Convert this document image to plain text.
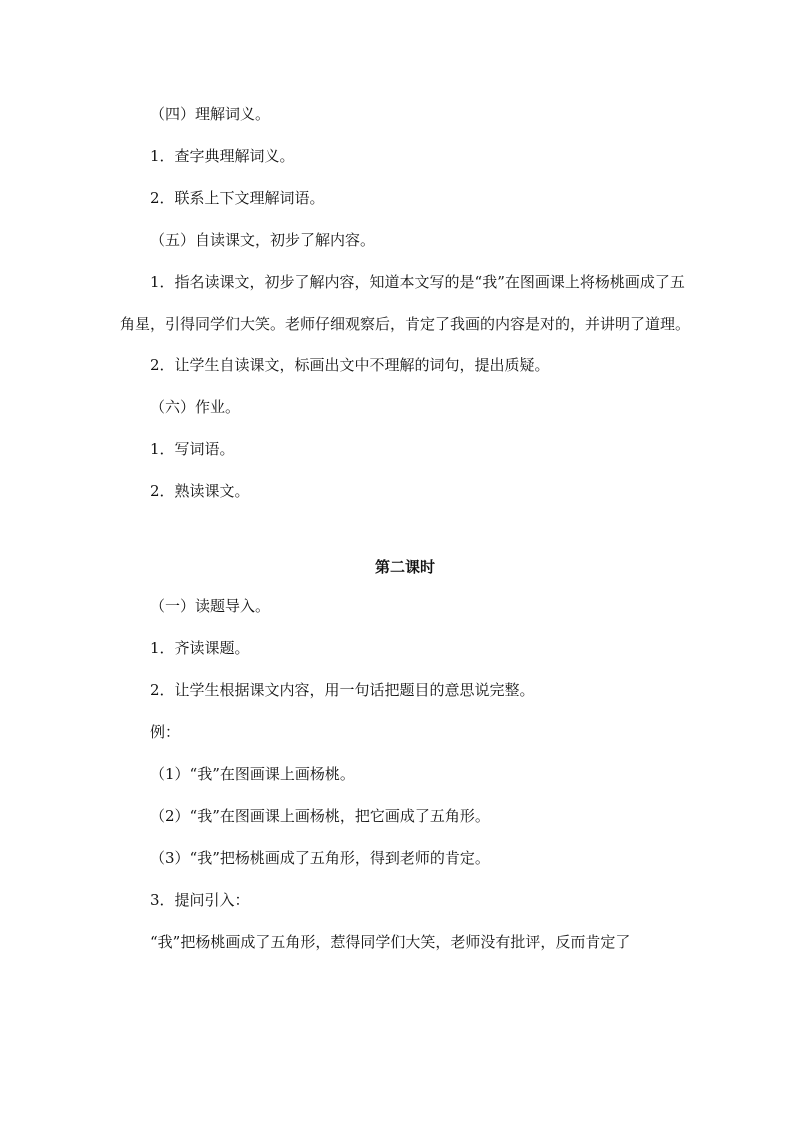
（四）理解词义。
1．查字典理解词义。
2．联系上下文理解词语。
（五）自读课文，初步了解内容。
1．指名读课文，初步了解内容，知道本文写的是“我”在图画课上将杨桃画成了五角星，引得同学们大笑。老师仔细观察后，肯定了我画的内容是对的，并讲明了道理。
2．让学生自读课文，标画出文中不理解的词句，提出质疑。
（六）作业。
1．写词语。
2．熟读课文。
第二课时
（一）读题导入。
1．齐读课题。
2．让学生根据课文内容，用一句话把题目的意思说完整。
例：
（1）“我”在图画课上画杨桃。
（2）“我”在图画课上画杨桃，把它画成了五角形。
（3）“我”把杨桃画成了五角形，得到老师的肯定。
3．提问引入：
“我”把杨桃画成了五角形，惹得同学们大笑，老师没有批评，反而肯定了
